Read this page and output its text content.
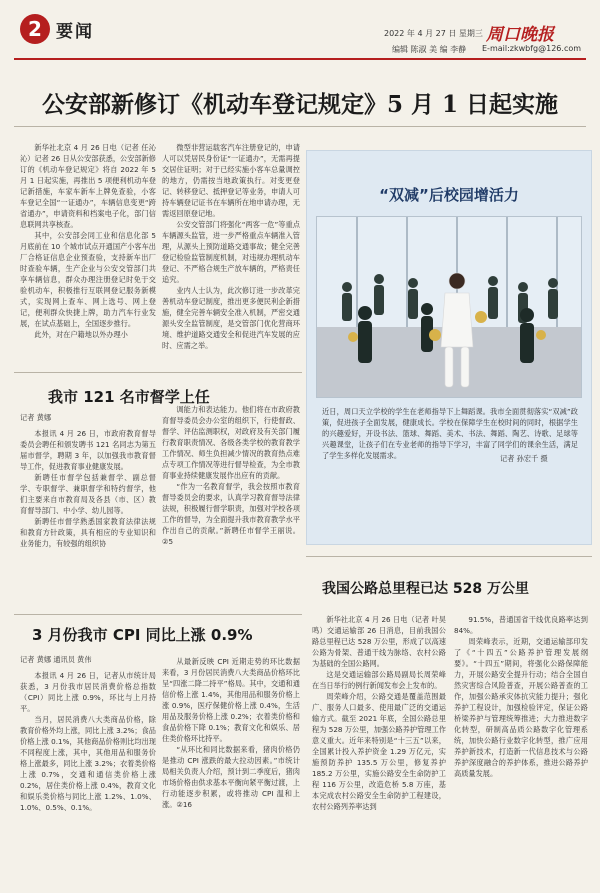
2 要闻	2022 年 4 月 27 日 星期三
编辑 陈淑 美 编 李静
周口晚报
E-mail:zkwbfg@126.com
公安部新修订《机动车登记规定》5 月 1 日起实施

新华社北京 4 月 26 日电（记者 任沁沁）记者 26 日从公安部获悉，公安部新修订的《机动车登记规定》将自 2022 年 5 月 1 日起实施，再推出 5 项便利机动车登记新措施，车家车新车上牌免查验，小客车登记全国“一证通办”，车辆信息变更“跨省通办”，申请资料和档案电子化，部门信息联网共享核查。

其中，公安部会同工业和信息化部 5 月底前在 10 个城市试点开通国产小客车出厂合格证信息企业预查验，支持新车出厂时查验车辆，生产企业与公安交管部门共享车辆信息，群众办理注册登记时免于交验机动车，积极推行互联网登记服务新模式，实现网上查车、网上选号、网上登记，便利群众快捷上牌，助力汽车行业发展，在试点基础上，全国逐步推行。

此外，对在户籍地以外办理小

微型非营运载客汽车注册登记的，申请人可以凭居民身份证“一证通办”，无需再提交居住证明；对于已经实施小客车总量调控的地方，仍需按当地政策执行。对变更登记、转移登记、抵押登记等业务，申请人可持车辆登记证书在车辆所在地申请办理，无需返回原登记地。

公安交管部门将强化“两客一危”等重点车辆源头监管，进一步严格重点车辆准入管理，从源头上预防道路交通事故；健全完善登记检验监管制度机制，对违规办理机动车登记、不严格合规生产放车辆的，严格责任追究。

业内人士认为，此次修订进一步改革完善机动车登记制度，推出更多便民利企新措施，健全完善车辆安全准入机制，严密交通源头安全监管制度，是交管部门优化营商环境、维护道路交通安全和促进汽车发展的应时、应需之举。

“双减”后校园增活力
近日，周口天立学校的学生在老师指导下上舞蹈课。我市全面贯彻落实“双减”政策，促进孩子全面发展，健康成长。学校在保障学生在校时间的同时，根据学生的兴趣爱好，开设书法、篮球、舞蹈、美术、书法、舞蹈、陶艺、诗歌、足球等兴趣课堂，让孩子们在专业老师的指导下学习，丰富了同学们的课余生活，满足了学生多样化发展需求。	记者 孙宏千 摄
我市 121 名市督学上任
记者 黄娜

本报讯 4 月 26 日，市政府教育督导委员会聘任和颁发聘书 121 名同志为第五届市督学，聘期 3 年，以加强我市教育督导工作，促进教育事业健康发展。

新聘任市督学包括兼督学、副总督学、专职督学、兼职督学和特约督学，他们主要来自市教育局及各县（市、区）教育督导部门、中小学、幼儿园等。

新聘任市督学熟悉国家教育法律法规和教育方针政策，具有相应的专业知识和业务能力，有较强的组织协

调能力和表达能力。他们将在市政府教育督导委员会办公室的组织下，行使督政、督学、评估监测职权，对政府及有关部门履行教育职责情况、各级各类学校的教育教学工作情况、师生负担减少情况的教育热点难点专项工作情况等进行督导检查，为全市教育事业持续健康发展作出应有的贡献。

“作为一名教育督学，我会按照市教育督导委员会的要求，认真学习教育督导法律法规，积极履行督学职责，加强对学校各项工作的督导，为全面提升我市教育教学水平作出自己的贡献。”新聘任市督学王丽说。②5

3 月份我市 CPI 同比上涨 0.9%
记者 黄娜 通讯员 黄伟

本报讯 4 月 26 日，记者从市统计局获悉，3 月份我市居民消费价格总指数（CPI）同比上涨 0.9%，环比与上月持平。

当月，居民消费八大类商品价格，除教育价格外均上涨，同比上涨 3.2%；食品价格上涨 0.1%，其他商品价格则比均出现不同程度上涨，其中，其他用品和服务价格上涨最多，同比上涨 3.2%；衣着类价格上涨 0.7%，交通和通信类价格上涨 0.2%，居住类价格上涨 0.4%，教育文化和娱乐类价格与同比上涨 1.2%、1.0%、1.0%、0.5%、0.1%。

从最新反映 CPI 近期走势的环比数据来看，3 月份居民消费八大类商品价格环比呈“四涨二降二持平”格局。其中，交通和通信价格上涨 1.4%，其他用品和服务价格上涨 0.9%，医疗保健价格上涨 0.4%，生活用品及服务价格上涨 0.2%；衣着类价格和食品价格下降 0.1%；教育文化和娱乐、居住类价格环比持平。

“从环比和同比数据来看，猪肉价格仍是推动 CPI 涨跌的最大拉动因素。”市统计局相关负责人介绍，预计到二季度后，猪肉市场价格由供求基本平衡向紧平衡过渡，上行动能逐步积累，或将推动 CPI 温和上涨。②16

我国公路总里程已达 528 万公里

新华社北京 4 月 26 日电（记者 叶昊鸣）交通运输部 26 日消息，目前我国公路总里程已达 528 万公里，形成了以高速公路为骨架、普通干线为脉络、农村公路为基础的全国公路网。

这是交通运输部公路局副局长周荣峰在当日举行的例行新闻发布会上发布的。

周荣峰介绍，公路交通是覆盖范围最广、服务人口最多、使用最广泛的交通运输方式。截至 2021 年底，全国公路总里程为 528 万公里，加强公路养护管理工作意义重大。近年来特别是“十三五”以来，全国累计投入养护资金 1.29 万亿元，实施预防养护 135.5 万公里，修复养护 185.2 万公里，实施公路安全生命防护工程 116 万公里，改造危桥 5.8 万座，基本完成农村公路安全生命防护工程建设，农村公路列养率达到

91.5%，普通国省干线优良路率达到 84%。

周荣峰表示，近期，交通运输部印发了《“十四五”公路养护管理发展纲要》。“十四五”期间，将强化公路保障能力，开展公路安全提升行动；结合全国自然灾害综合风险普查，开展公路普查的工作，加强公路承灾体抗灾能力提升；强化养护工程设计，加强检验评定，保证公路桥梁养护与管理统筹推进；大力推进数字化转型，研制高品质公路数字化管理系统，加快公路行业数字化转型，推广应用养护新技术，打造新一代信息技术与公路养护深度融合的养护体系，推进公路养护高质量发展。
